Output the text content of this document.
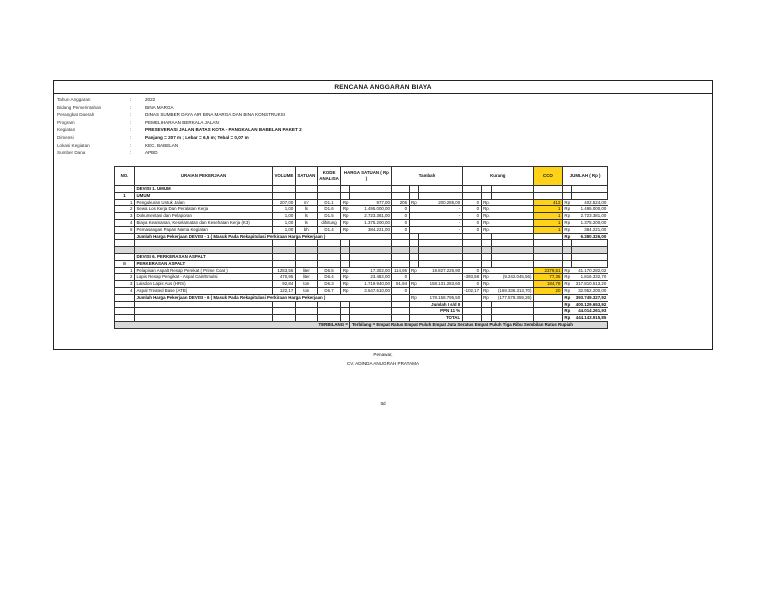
RENCANA ANGGARAN BIAYA
Tahun Anggaran	:	2022
Bidang Pemerintahan	:	BINA MARGA
Perangkat Daerah	:	DINAS SUMBER DAYA AIR BINA MARGA DAN BINA KONSTRUKSI
Program	:	PEMELIHARAAN BERKALA JALAN
Kegiatan	:	PRESEVERASI JALAN BATAS KOTA - PANGKALAN BABELAN PAKET 2
Dimensi	:	Panjang = 207 m ; Lebar = 6,5 m; Tebal = 0,07 m
Lokasi Kegiatan	:	KEC. BABELAN
Sumber Dana	:	APBD
NO.	URAIAN PEKERJAAN	VOLUME	SATUAN	KODE ANALISA	HARGA SATUAN ( Rp )		Tambah			Kurang			CCO	JUMLAH ( Rp )	
	DEVISI 1. UMUM														
1	UMUM														
1	Pengukuran Untuk Jalan	207,00	m'	D1.1	Rp	977,00	205	Rp	200.285,00	0	Rp.		412	Rp	402.524,00
2	Sewa Los Kerja Dan Peralatan Kerja	1,00	ls	D1.6	Rp	1.495.000,00	0		-	0	Rp.		1	Rp	1.495.000,00
3	Dokumentasi dan Pelaporan	1,00	ls	D1.5	Rp	2.723.381,00	0		-	0	Rp.		1	Rp	2.723.381,00
4	Biaya Keamanan, Keselamatan dan Kesehatan Kerja (K3)	1,00	ls	dihitung	Rp	1.375.200,00	0		-	0	Rp.		1	Rp	1.375.200,00
5	Pemasangan Papan Nama Kegiatan	1,00	bh	D1.4	Rp	384.221,00	0		-	0	Rp.		1	Rp	384.221,00
	Jumlah Harga Pekerjaan DEVISI - 1 ( Masuk Pada Rekapitulasi Perkiraan Harga Pekerjaan )													Rp	6.380.326,00

	DEVISI 6. PERKERASAN ASPALT														
II	PERKERASAN ASPALT														
1	Pelapisan Aspalt Resap Perekat ( Prime Coat )	1253,56	liter	D6.5	Rp	17.302,00	114,95	Rp	19.827.226,90	0	Rp.		2379,51	Rp	41.170.282,02
2	Lapis Resap Pengikat - Aspal Cair/Emulsi	470,95	liter	D6.4	Rp	23.482,00	0			-393,58	Rp	(9.242.045,56)	77,35	Rp	1.816.332,70
3	Laisdon Lapis Aus (HRS)	92,84	ton	D6.3	Rp	1.719.940,00	91,94	Rp	158.131.283,60	0	Rp.		184,78	Rp	317.810.513,20
4	Aspal Treated Base (ATB)	122,17	ton	D6.7	Rp	3.647.610,00	0			-102,17	Rp	(168.336.313,70)	20	Rp	32.952.200,00
	Jumlah Harga Pekerjaan DEVISI - 6 ( Masuk Pada Rekapitulasi Perkiraan Harga Pekerjaan )							Rp	178.158.795,50		Rp	(177.578.359,26)		Rp	393.749.327,92
								Jumlah I s/d II						Rp	400.129.653,92
								PPN 11 %						Rp	44.014.261,93
								TOTAL						Rp	444.143.915,85
TERBILANG =						Terbilang = Empat Ratus Empat Puluh Empat Juta Seratus Empat Puluh Tiga Ribu Sembilan Ratus Rupiah									
Penawar,
CV. ADINDA ANUGRAH PRATAMA
ttd
